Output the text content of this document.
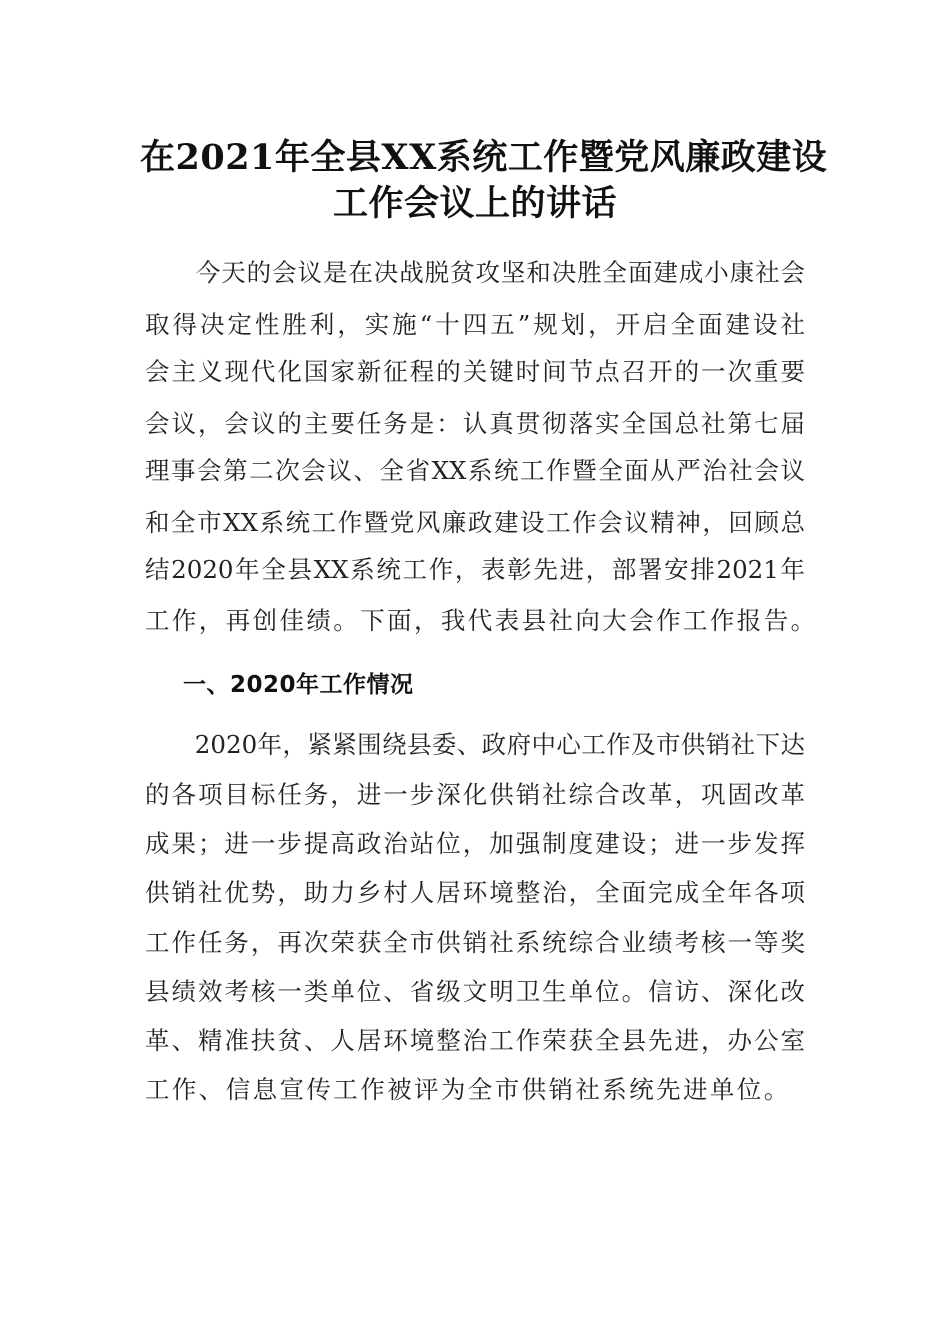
在2021年全县XX系统工作暨党风廉政建设
工作会议上的讲话
　　今天的会议是在决战脱贫攻坚和决胜全面建成小康社会
取得决定性胜利，实施“十四五”规划，开启全面建设社
会主义现代化国家新征程的关键时间节点召开的一次重要
会议，会议的主要任务是：认真贯彻落实全国总社第七届
理事会第二次会议、全省XX系统工作暨全面从严治社会议
和全市XX系统工作暨党风廉政建设工作会议精神，回顾总
结2020年全县XX系统工作，表彰先进，部署安排2021年
工作，再创佳绩。下面，我代表县社向大会作工作报告。
一、2020年工作情况
　　2020年，紧紧围绕县委、政府中心工作及市供销社下达
的各项目标任务，进一步深化供销社综合改革，巩固改革
成果；进一步提高政治站位，加强制度建设；进一步发挥
供销社优势，助力乡村人居环境整治，全面完成全年各项
工作任务，再次荣获全市供销社系统综合业绩考核一等奖
县绩效考核一类单位、省级文明卫生单位。信访、深化改
革、精准扶贫、人居环境整治工作荣获全县先进，办公室
工作、信息宣传工作被评为全市供销社系统先进单位。
